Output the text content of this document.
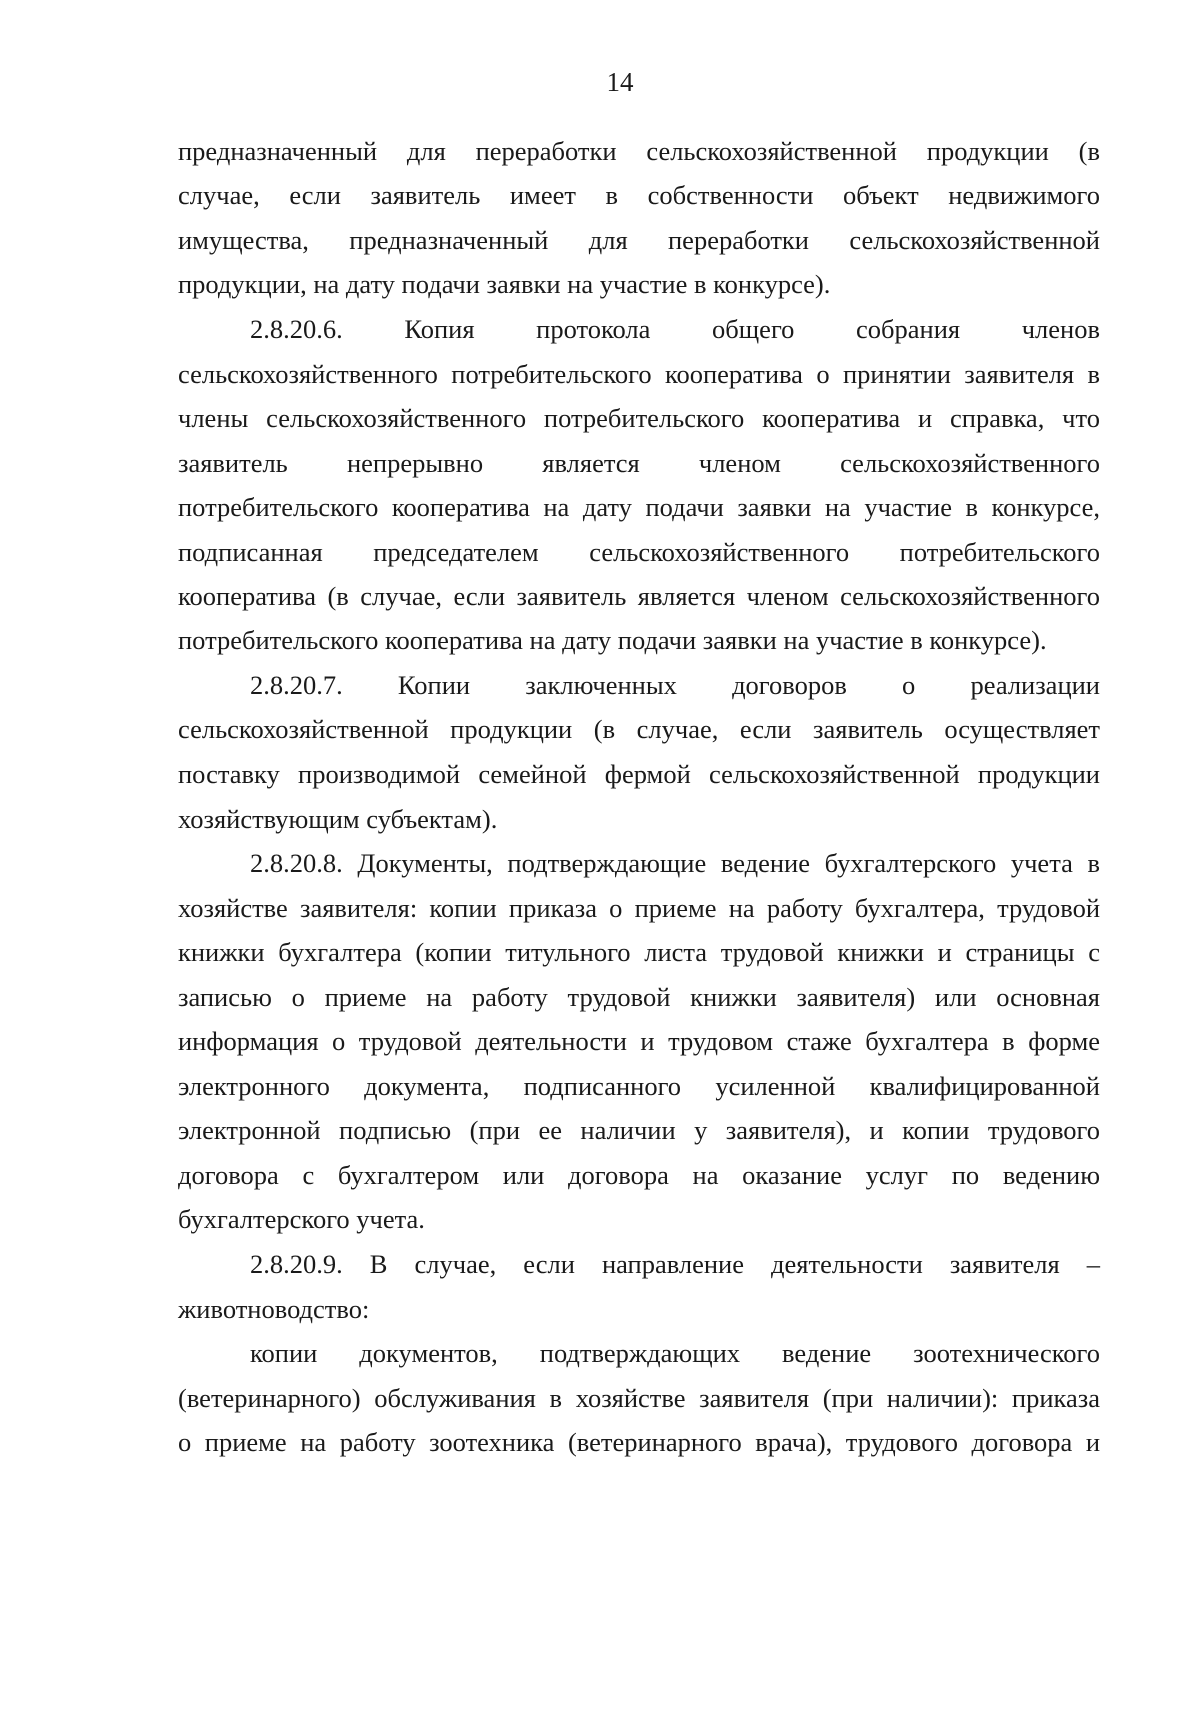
14
предназначенный для переработки сельскохозяйственной продукции (в
случае, если заявитель имеет в собственности объект недвижимого
имущества, предназначенный для переработки сельскохозяйственной
продукции, на дату подачи заявки на участие в конкурсе).
2.8.20.6. Копия протокола общего собрания членов
сельскохозяйственного потребительского кооператива о принятии заявителя в
члены сельскохозяйственного потребительского кооператива и справка, что
заявитель непрерывно является членом сельскохозяйственного
потребительского кооператива на дату подачи заявки на участие в конкурсе,
подписанная председателем сельскохозяйственного потребительского
кооператива (в случае, если заявитель является членом сельскохозяйственного
потребительского кооператива на дату подачи заявки на участие в конкурсе).
2.8.20.7. Копии заключенных договоров о реализации
сельскохозяйственной продукции (в случае, если заявитель осуществляет
поставку производимой семейной фермой сельскохозяйственной продукции
хозяйствующим субъектам).
2.8.20.8. Документы, подтверждающие ведение бухгалтерского учета в
хозяйстве заявителя: копии приказа о приеме на работу бухгалтера, трудовой
книжки бухгалтера (копии титульного листа трудовой книжки и страницы с
записью о приеме на работу трудовой книжки заявителя) или основная
информация о трудовой деятельности и трудовом стаже бухгалтера в форме
электронного документа, подписанного усиленной квалифицированной
электронной подписью (при ее наличии у заявителя), и копии трудового
договора с бухгалтером или договора на оказание услуг по ведению
бухгалтерского учета.
2.8.20.9. В случае, если направление деятельности заявителя –
животноводство:
копии документов, подтверждающих ведение зоотехнического
(ветеринарного) обслуживания в хозяйстве заявителя (при наличии): приказа
о приеме на работу зоотехника (ветеринарного врача), трудового договора и
